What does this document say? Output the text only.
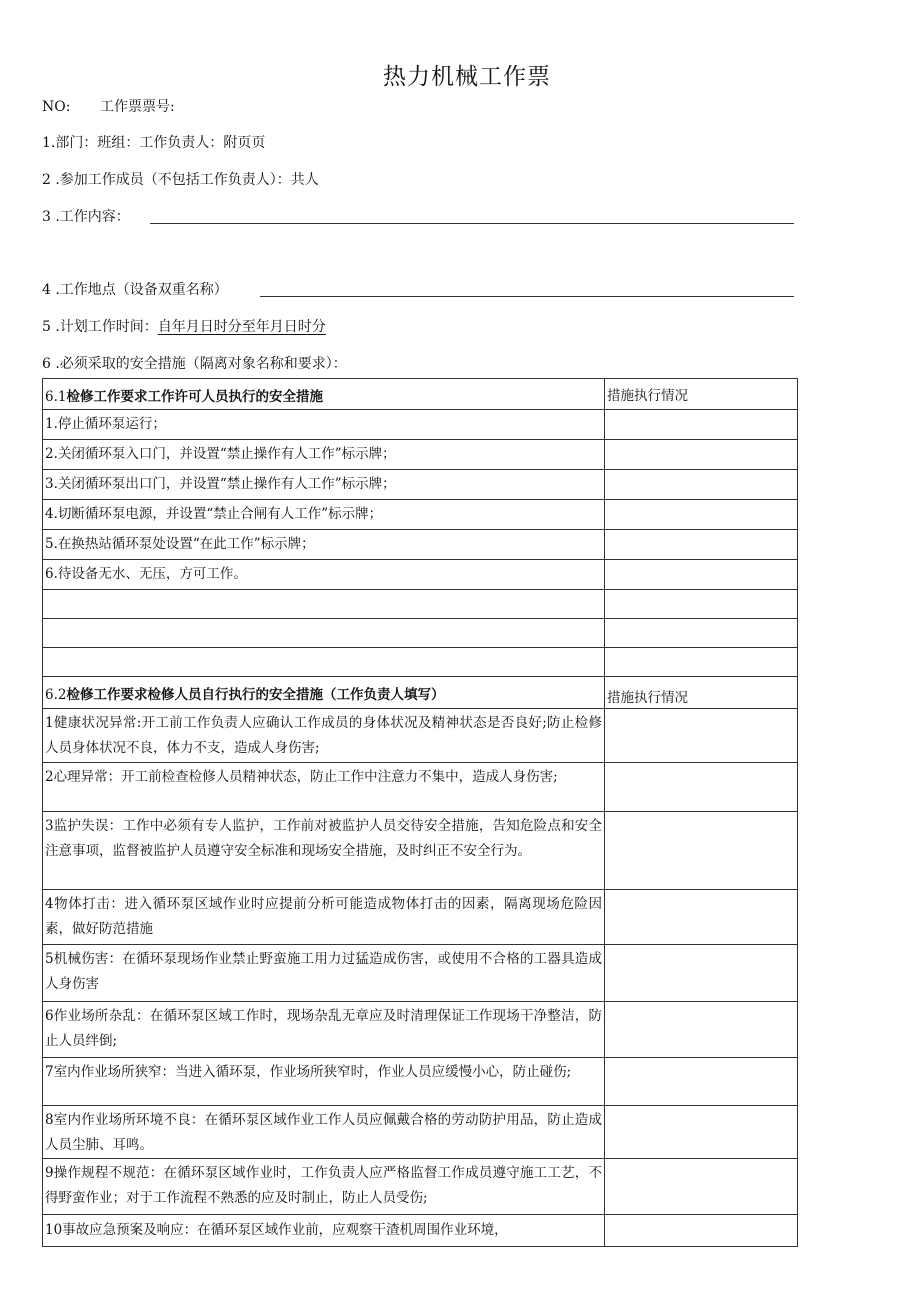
热力机械工作票
NO: 工作票票号:
1.部门：班组：工作负责人：附页页
2 .参加工作成员（不包括工作负责人）：共人
3 .工作内容：
4 .工作地点（设备双重名称）
5 .计划工作时间：自年月日时分至年月日时分
6 .必须采取的安全措施（隔离对象名称和要求）：
6.1检修工作要求工作许可人员执行的安全措施	措施执行情况
1.停止循环泵运行；	
2.关闭循环泵入口门，并设置“禁止操作有人工作”标示牌；	
3.关闭循环泵出口门，并设置“禁止操作有人工作”标示牌；	
4.切断循环泵电源，并设置“禁止合闸有人工作”标示牌；	
5.在换热站循环泵处设置“在此工作”标示牌；	
6.待设备无水、无压，方可工作。	

6.2检修工作要求检修人员自行执行的安全措施（工作负责人填写）	措施执行情况
1健康状况异常:开工前工作负责人应确认工作成员的身体状况及精神状态是否良好;防止检修人员身体状况不良，体力不支，造成人身伤害;	
2心理异常：开工前检查检修人员精神状态，防止工作中注意力不集中，造成人身伤害;	
3监护失误：工作中必须有专人监护，工作前对被监护人员交待安全措施，告知危险点和安全注意事项，监督被监护人员遵守安全标准和现场安全措施，及时纠正不安全行为。	
4物体打击：进入循环泵区域作业时应提前分析可能造成物体打击的因素，隔离现场危险因素，做好防范措施	
5机械伤害：在循环泵现场作业禁止野蛮施工用力过猛造成伤害，或使用不合格的工器具造成人身伤害	
6作业场所杂乱：在循环泵区域工作时，现场杂乱无章应及时清理保证工作现场干净整洁，防止人员绊倒;	
7室内作业场所狭窄：当进入循环泵，作业场所狭窄时，作业人员应缓慢小心，防止碰伤;	
8室内作业场所环境不良：在循环泵区域作业工作人员应佩戴合格的劳动防护用品，防止造成人员尘肺、耳鸣。	
9操作规程不规范：在循环泵区域作业时，工作负责人应严格监督工作成员遵守施工工艺，不得野蛮作业；对于工作流程不熟悉的应及时制止，防止人员受伤;	
10事故应急预案及响应：在循环泵区域作业前，应观察干渣机周围作业环境，	
